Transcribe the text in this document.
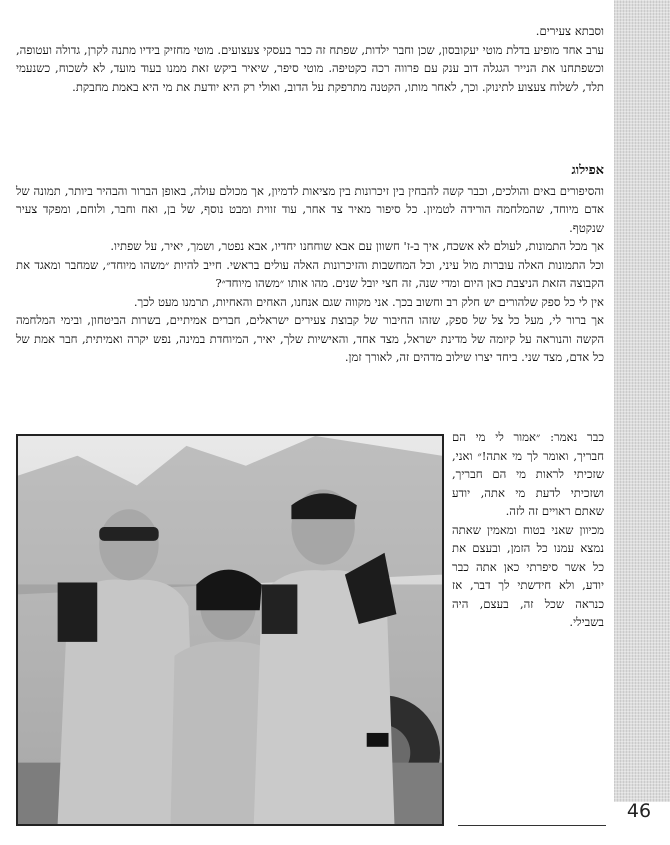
וסבתא צעירים.

ערב אחד מופיע בדלת מוטי יעקובסון, שכן וחבר ילדות, שפתח זה כבר בעסקי צעצועים. מוטי מחזיק בידיו מתנה לקרן, גדולה ועטופה, וכשפתחנו את הנייר הגגלה דוב ענק עם פרווה רכה כקטיפה. מוטי סיפר, שיאיר ביקש זאת ממנו בעוד מועד, לא לשכוח, כשנעמי תלד, לשלוח צעצוע לתינוק. וכך, לאחר מותו, הקטנה מתרפקת על הדוב, ואולי רק היא יודעת את מי היא באמת מחבקת.

אפילוג

והסיפורים באים והולכים, וכבר קשה להבחין בין זיכרונות בין מציאות לדמיון, אך מכולם עולה, באופן הברור והבהיר ביותר, תמונה של אדם מיוחד, שהמלחמה הורידה לטמיון. כל סיפור מאיר צד אחר, עוד זווית ומבט נוסף, של בן, ואח וחבר, ולוחם, ומפקד צעיר שנקטף.

אך מכל התמונות, לעולם לא אשכח, איך ב-ז' חשוון עם אבא שוחחנו יחדיו, אבא נפטר, ושמך, יאיר, על שפתיו.

וכל התמונות האלה עוברות מול עיני, וכל המחשבות והזיכרונות האלה עולים בראשי. חייב להיות ״משהו מיוחד״, שמחבר ומאגד את הקבוצה הזאת הניצבת כאן היום ומדי שנה, זה חצי יובל שנים. מהו אותו ״משהו מיוחד״?

אין לי כל ספק שלהורים יש חלק רב וחשוב בכך. אני מקווה שגם אנחנו, האחים והאחיות, תרמנו מעט לכך.

אך ברור לי, מעל כל צל של ספק, שזהו החיבור של קבוצת צעירים ישראלים, חברים אמיתיים, בשרות הביטחון, ובימי המלחמה הקשה והנוראה על קיומה של מדינת ישראל, מצד אחד, והאישיות שלך, יאיר, המיוחדת במינה, נפש יקרה ואמיתית, חבר אמת של כל אדם, מצד שני. ביחד יצרו שילוב מדהים זה, לאורך זמן.

כבר נאמר: ״אמור לי מי הם חבריך, ואומר לך מי אתה!״ ואני, שזכיתי לראות מי הם חבריך, ושזכיתי לדעת מי אתה, יודע שאתם ראויים זה לזה.

מכיוון שאני בטוח ומאמין שאתה נמצא עמנו כל הזמן, ובעצם את כל אשר סיפרתי כאן אתה כבר יודע, ולא חידשתי לך דבר, אז כנראה שכל זה, בעצם, היה בשבילי.

46
